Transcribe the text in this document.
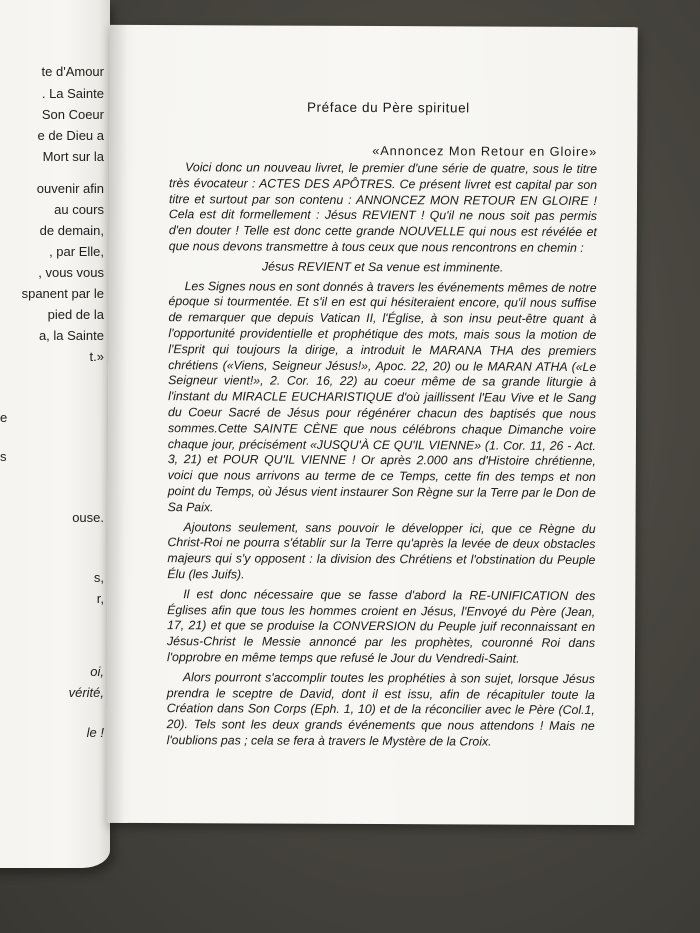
te d'Amour
. La Sainte
Son Coeur
e de Dieu a
Mort sur la
ouvenir afin
au cours
de demain,
, par Elle,
, vous vous
spanent par le
pied de la
a, la Sainte
t.»
e
s
ouse.
s,
r,
oi,
vérité,
le !
Préface du Père spirituel
«Annoncez Mon Retour en Gloire»

Voici donc un nouveau livret, le premier d'une série de quatre, sous le titre très évocateur : ACTES DES APÔTRES. Ce présent livret est capital par son titre et surtout par son contenu : ANNONCEZ MON RETOUR EN GLOIRE ! Cela est dit formellement : Jésus REVIENT ! Qu'il ne nous soit pas permis d'en douter ! Telle est donc cette grande NOUVELLE qui nous est révélée et que nous devons transmettre à tous ceux que nous rencontrons en chemin :

Jésus REVIENT et Sa venue est imminente.

Les Signes nous en sont donnés à travers les événements mêmes de notre époque si tourmentée. Et s'il en est qui hésiteraient encore, qu'il nous suffise de remarquer que depuis Vatican II, l'Église, à son insu peut-être quant à l'opportunité providentielle et prophétique des mots, mais sous la motion de l'Esprit qui toujours la dirige, a introduit le MARANA THA des premiers chrétiens («Viens, Seigneur Jésus!», Apoc. 22, 20) ou le MARAN ATHA («Le Seigneur vient!», 2. Cor. 16, 22) au coeur même de sa grande liturgie à l'instant du MIRACLE EUCHARISTIQUE d'où jaillissent l'Eau Vive et le Sang du Coeur Sacré de Jésus pour régénérer chacun des baptisés que nous sommes.Cette SAINTE CÈNE que nous célébrons chaque Dimanche voire chaque jour, précisément «JUSQU'À CE QU'IL VIENNE» (1. Cor. 11, 26 - Act. 3, 21) et POUR QU'IL VIENNE ! Or après 2.000 ans d'Histoire chrétienne, voici que nous arrivons au terme de ce Temps, cette fin des temps et non point du Temps, où Jésus vient instaurer Son Règne sur la Terre par le Don de Sa Paix.

Ajoutons seulement, sans pouvoir le développer ici, que ce Règne du Christ-Roi ne pourra s'établir sur la Terre qu'après la levée de deux obstacles majeurs qui s'y opposent : la division des Chrétiens et l'obstination du Peuple Élu (les Juifs).

Il est donc nécessaire que se fasse d'abord la RE-UNIFICATION des Églises afin que tous les hommes croient en Jésus, l'Envoyé du Père (Jean, 17, 21) et que se produise la CONVERSION du Peuple juif reconnaissant en Jésus-Christ le Messie annoncé par les prophètes, couronné Roi dans l'opprobre en même temps que refusé le Jour du Vendredi-Saint.

Alors pourront s'accomplir toutes les prophéties à son sujet, lorsque Jésus prendra le sceptre de David, dont il est issu, afin de récapituler toute la Création dans Son Corps (Eph. 1, 10) et de la réconcilier avec le Père (Col.1, 20). Tels sont les deux grands événements que nous attendons ! Mais ne l'oublions pas ; cela se fera à travers le Mystère de la Croix.
